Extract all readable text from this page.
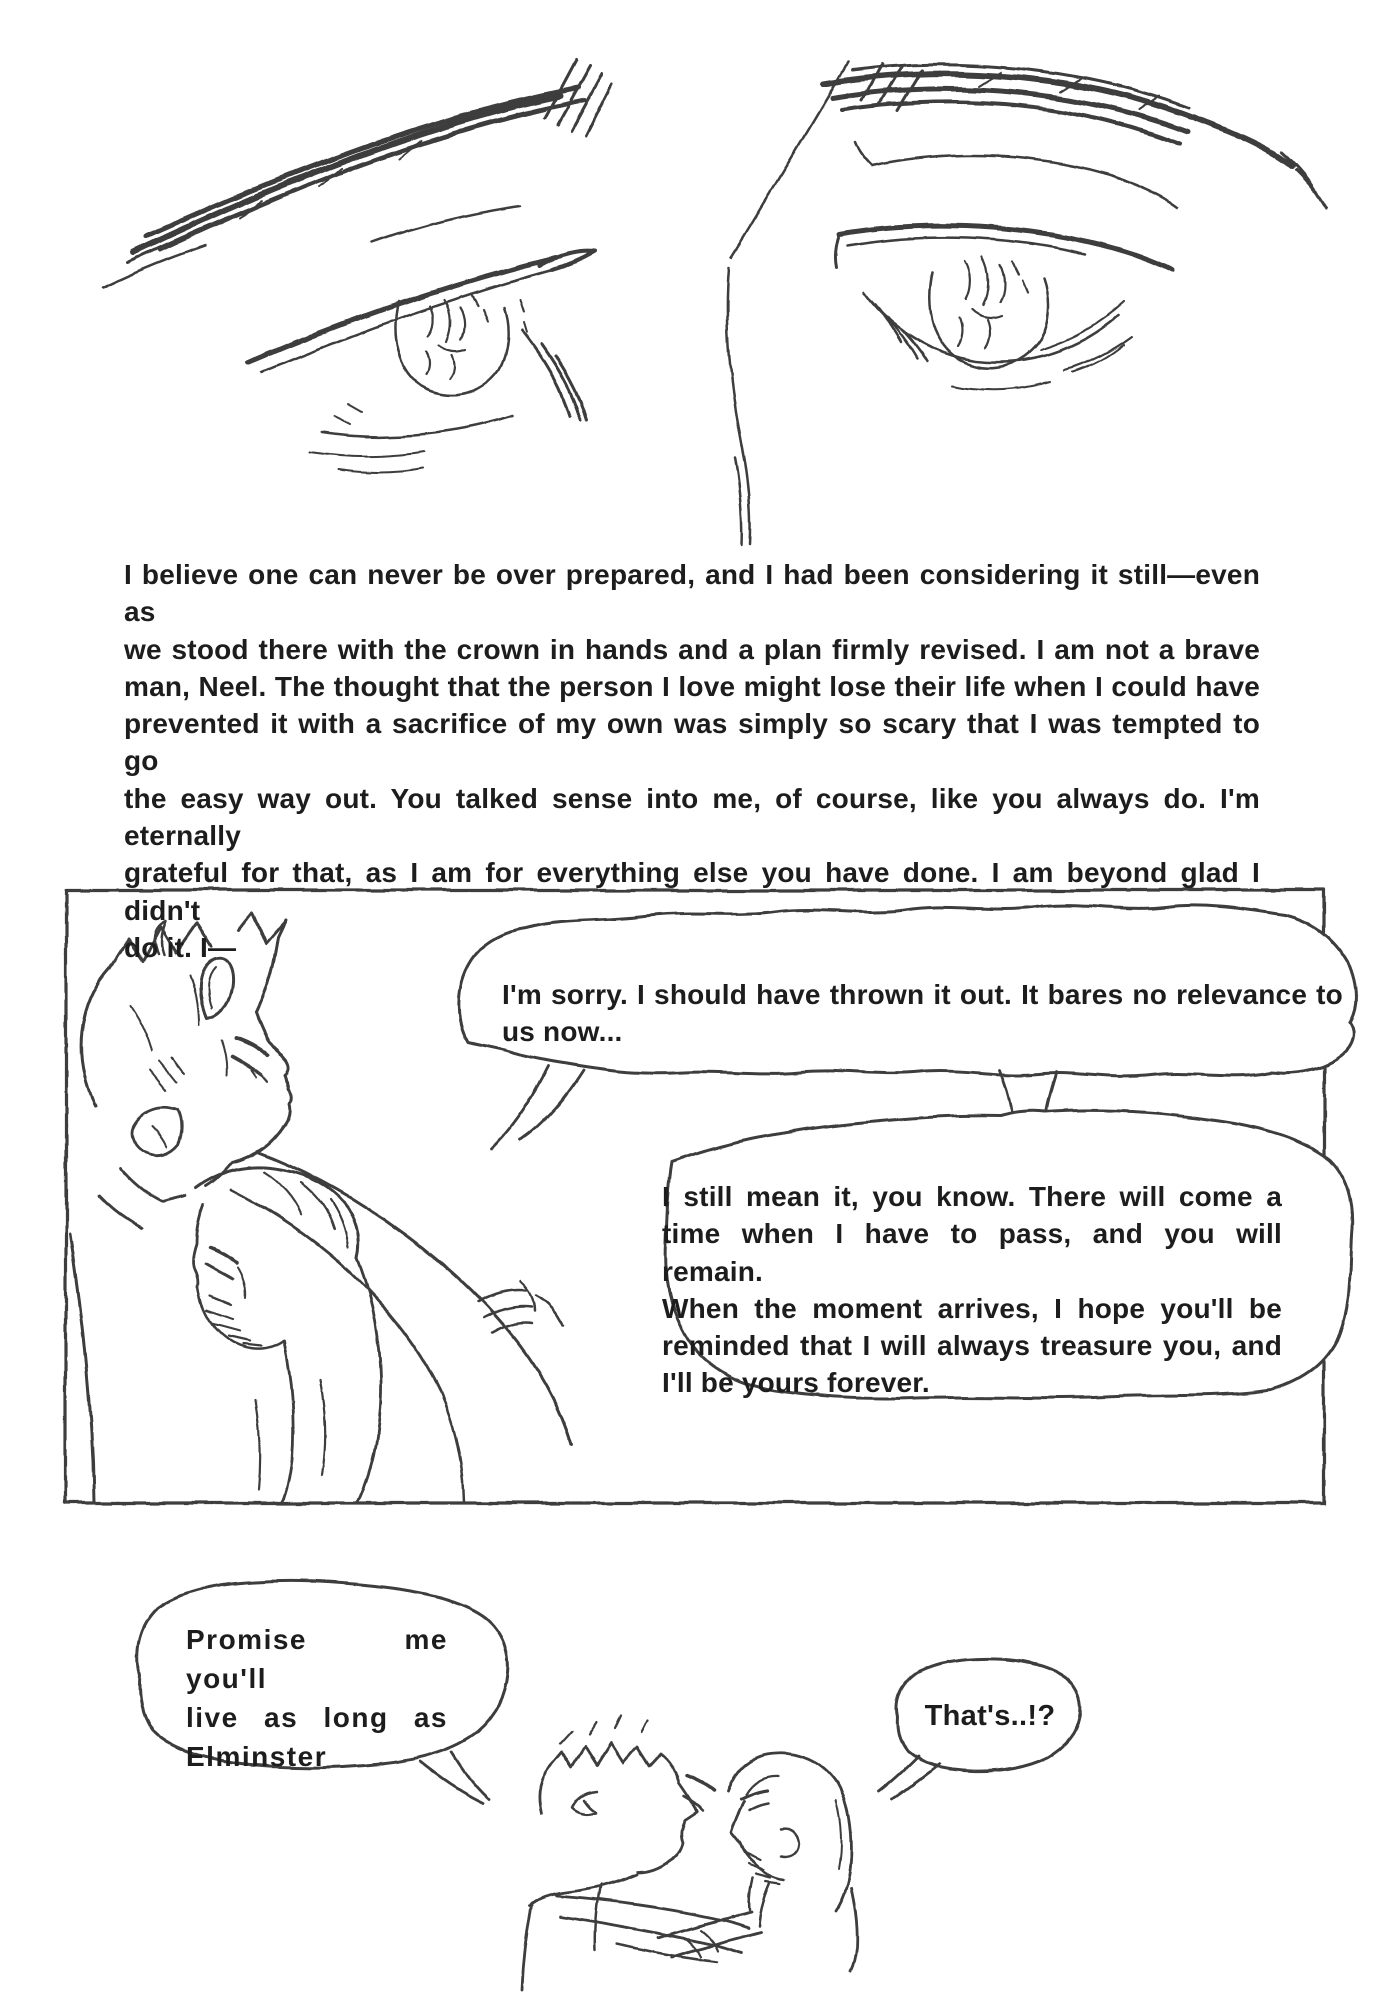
I believe one can never be over prepared, and I had been considering it still—even as
we stood there with the crown in hands and a plan firmly revised. I am not a brave
man, Neel. The thought that the person I love might lose their life when I could have
prevented it with a sacrifice of my own was simply so scary that I was tempted to go
the easy way out. You talked sense into me, of course, like you always do. I'm eternally
grateful for that, as I am for everything else you have done. I am beyond glad I didn't
do it. I—
I'm sorry. I should have thrown it out. It bares no relevance to
us now...
I still mean it, you know. There will come a
time when I have to pass, and you will remain.
When the moment arrives, I hope you'll be
reminded that I will always treasure you, and
I'll be yours forever.
Promise me you'll
live as long as
Elminster
That's..!?
